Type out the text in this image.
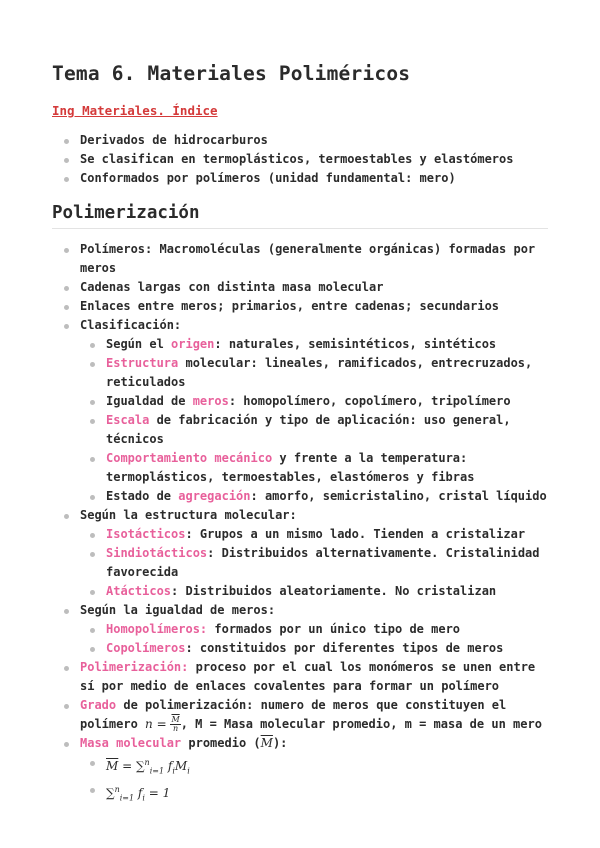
Tema 6. Materiales Poliméricos
Ing Materiales. Índice
Derivados de hidrocarburos
Se clasifican en termoplásticos, termoestables y elastómeros
Conformados por polímeros (unidad fundamental: mero)
Polimerización
Polímeros: Macromoléculas (generalmente orgánicas) formadas por meros
Cadenas largas con distinta masa molecular
Enlaces entre meros; primarios, entre cadenas; secundarios
Clasificación:
Según el origen: naturales, semisintéticos, sintéticos
Estructura molecular: lineales, ramificados, entrecruzados, reticulados
Igualdad de meros: homopolímero, copolímero, tripolímero
Escala de fabricación y tipo de aplicación: uso general, técnicos
Comportamiento mecánico y frente a la temperatura: termoplásticos, termoestables, elastómeros y fibras
Estado de agregación: amorfo, semicristalino, cristal líquido
Según la estructura molecular:
Isotácticos: Grupos a un mismo lado. Tienden a cristalizar
Sindiotácticos: Distribuidos alternativamente. Cristalinidad favorecida
Atácticos: Distribuidos aleatoriamente. No cristalizan
Según la igualdad de meros:
Homopolímeros: formados por un único tipo de mero
Copolímeros: constituidos por diferentes tipos de meros
Polimerización: proceso por el cual los monómeros se unen entre sí por medio de enlaces covalentes para formar un polímero
Grado de polimerización: numero de meros que constituyen el polímero $n = \frac{\overline{M}}{n}$ , M = Masa molecular promedio, m = masa de un mero
Masa molecular promedio $(\overline{M})$:
$\overline{M} = \sum^n_{i=1}$ $f_iM_i$
∑$^n_{i=1}$ $f_i = 1$
